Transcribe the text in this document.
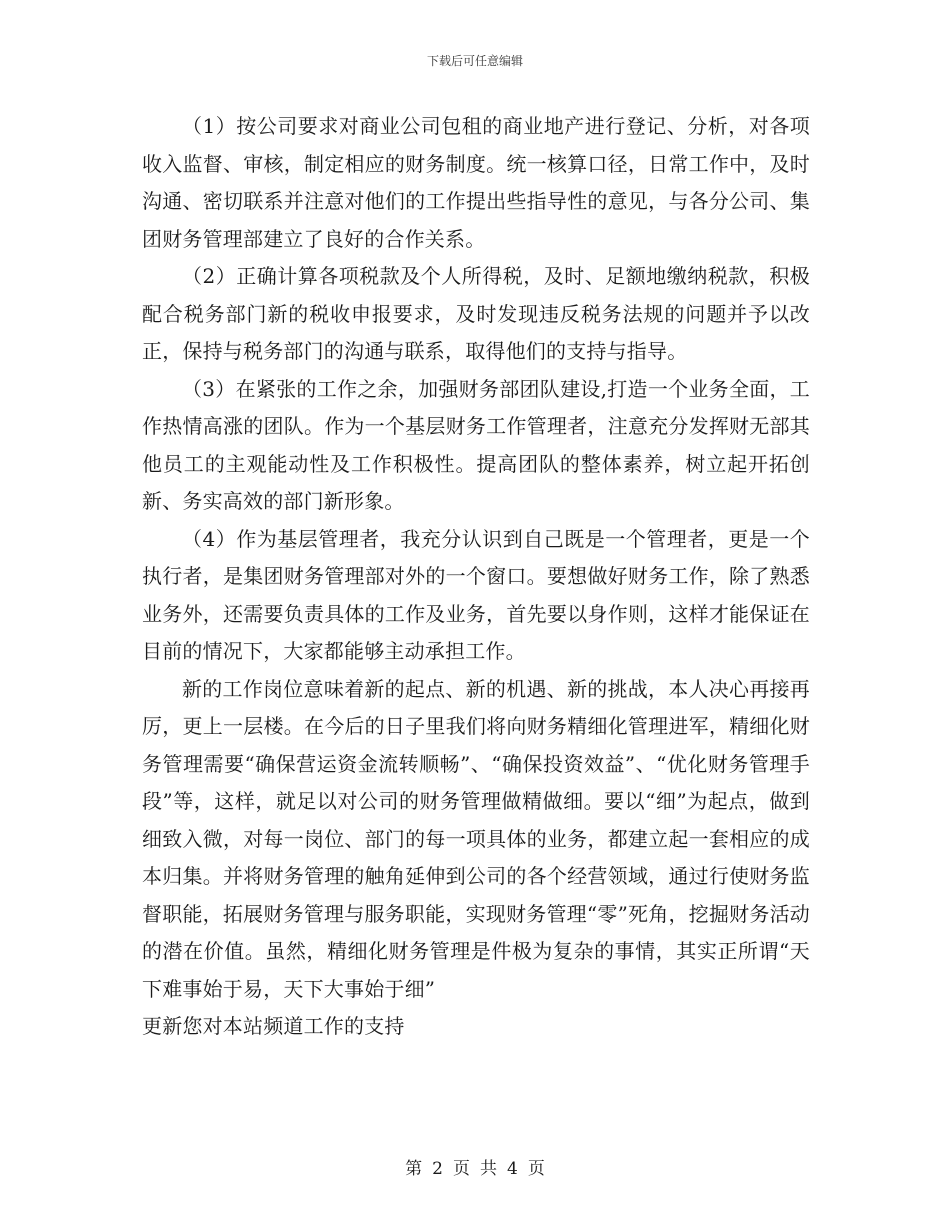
下载后可任意编辑

（1）按公司要求对商业公司包租的商业地产进行登记、分析，对各项收入监督、审核，制定相应的财务制度。统一核算口径，日常工作中，及时沟通、密切联系并注意对他们的工作提出些指导性的意见，与各分公司、集团财务管理部建立了良好的合作关系。

（2）正确计算各项税款及个人所得税，及时、足额地缴纳税款，积极配合税务部门新的税收申报要求，及时发现违反税务法规的问题并予以改正，保持与税务部门的沟通与联系，取得他们的支持与指导。

（3）在紧张的工作之余，加强财务部团队建设,打造一个业务全面，工作热情高涨的团队。作为一个基层财务工作管理者，注意充分发挥财无部其他员工的主观能动性及工作积极性。提高团队的整体素养，树立起开拓创新、务实高效的部门新形象。

（4）作为基层管理者，我充分认识到自己既是一个管理者，更是一个执行者，是集团财务管理部对外的一个窗口。要想做好财务工作，除了熟悉业务外，还需要负责具体的工作及业务，首先要以身作则，这样才能保证在目前的情况下，大家都能够主动承担工作。

新的工作岗位意味着新的起点、新的机遇、新的挑战，本人决心再接再厉，更上一层楼。在今后的日子里我们将向财务精细化管理进军，精细化财务管理需要“确保营运资金流转顺畅”、“确保投资效益”、“优化财务管理手段”等，这样，就足以对公司的财务管理做精做细。要以“细”为起点，做到细致入微，对每一岗位、部门的每一项具体的业务，都建立起一套相应的成本归集。并将财务管理的触角延伸到公司的各个经营领域，通过行使财务监督职能，拓展财务管理与服务职能，实现财务管理“零”死角，挖掘财务活动的潜在价值。虽然，精细化财务管理是件极为复杂的事情，其实正所谓“天下难事始于易，天下大事始于细”

更新您对本站频道工作的支持

第 2 页 共 4 页
